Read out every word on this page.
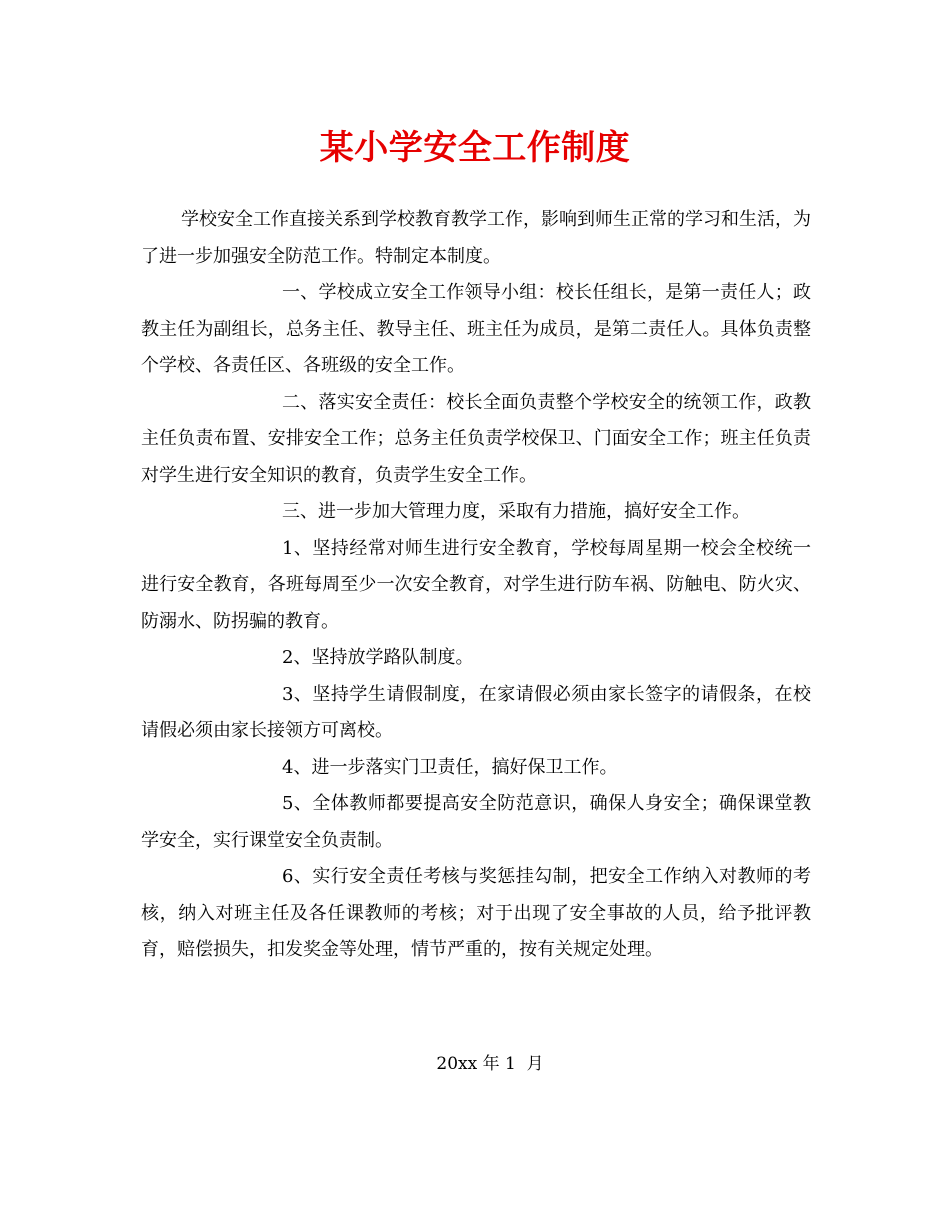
某小学安全工作制度

学校安全工作直接关系到学校教育教学工作，影响到师生正常的学习和生活，为了进一步加强安全防范工作。特制定本制度。

一、学校成立安全工作领导小组：校长任组长，是第一责任人；政教主任为副组长，总务主任、教导主任、班主任为成员，是第二责任人。具体负责整个学校、各责任区、各班级的安全工作。

二、落实安全责任：校长全面负责整个学校安全的统领工作，政教主任负责布置、安排安全工作；总务主任负责学校保卫、门面安全工作；班主任负责对学生进行安全知识的教育，负责学生安全工作。

三、进一步加大管理力度，采取有力措施，搞好安全工作。

1、坚持经常对师生进行安全教育，学校每周星期一校会全校统一进行安全教育，各班每周至少一次安全教育，对学生进行防车祸、防触电、防火灾、防溺水、防拐骗的教育。

2、坚持放学路队制度。

3、坚持学生请假制度，在家请假必须由家长签字的请假条，在校请假必须由家长接领方可离校。

4、进一步落实门卫责任，搞好保卫工作。

5、全体教师都要提高安全防范意识，确保人身安全；确保课堂教学安全，实行课堂安全负责制。

6、实行安全责任考核与奖惩挂勾制，把安全工作纳入对教师的考核，纳入对班主任及各任课教师的考核；对于出现了安全事故的人员，给予批评教育，赔偿损失，扣发奖金等处理，情节严重的，按有关规定处理。

20xx 年 1  月
